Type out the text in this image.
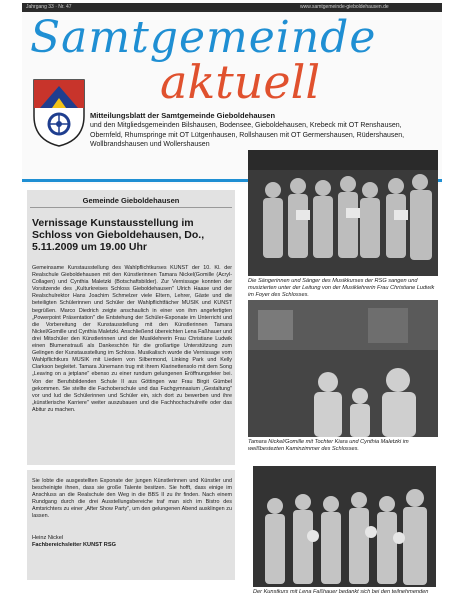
Jahrgang 33 · Nr. 47	www.samtgemeinde-gieboldehausen.de
Samtgemeinde
aktuell
Mitteilungsblatt der Samtgemeinde Gieboldehausen
und den Mitgliedsgemeinden Bilshausen, Bodensee, Gieboldehausen, Krebeck mit OT Renshausen, Obernfeld, Rhumspringe mit OT Lütgenhausen, Rollshausen mit OT Germershausen, Rüdershausen, Wollbrandshausen und Wollershausen
Gemeinde Gieboldehausen
Vernissage Kunstausstellung im Schloss von Gieboldehausen, Do., 5.11.2009 um 19.00 Uhr
Gemeinsame Kunstausstellung des Wahlpflichtkurses KUNST der 10. Kl. der Realschule Gieboldehausen mit den Künstlerinnen Tamara Nickel(Gomille (Acryl-Collagen) und Cynthia Maletzki (Botschaftsbilder). Zur Vernissage konnten der Vorsitzende des „Kulturkreises Schloss Gieboldehausen" Ulrich Haase und der Realschulrektor Hans Joachim Schmelzer viele Eltern, Lehrer, Gäste und die beteiligten Schülerinnen und Schüler der Wahlpflichtfächer MUSIK und KUNST begrüßen. Marco Diedrich zeigte anschaulich in einer von ihm angefertigten „Powerpoint Präsentation" die Entstehung der Schüler-Exponate im Unterricht und die Vorbereitung der Kunstausstellung mit den Künstlerinnen Tamara Nickel/Gomille und Cynthia Maletzki. Anschließend übereichten Lena Faßhauer und drei Mitschüler den Künstlerinnen und der Musiklehrerin Frau Christiane Ludwik einen Blumenstrauß als Dankeschön für die großartige Unterstützung zum Gelingen der Kunstausstellung im Schloss. Musikalisch wurde die Vernissage vom Wahlpflichtkurs MUSIK mit Liedern von Silbermond, Linking Park und Kelly Clarkson begleitet. Tamara Jünemann trug mit ihrem Klarinettensolo mit dem Song „Leaving on a jetplane" ebenso zu einer rundum gelungenen Eröffnungsfeier bei. Von der Berufsbildenden Schule II aus Göttingen war Frau Birgit Gümbel gekommen. Sie stellte die Fachoberschule und das Fachgymnasium „Gestaltung" vor und lud die Schülerinnen und Schüler ein, sich dort zu bewerben und ihre „künstlerische Karriere" weiter auszubauen und die Fachhochschulreife oder das Abitur zu machen.
Sie lobte die ausgestellten Exponate der jungen Künstlerinnen und Künstler und bescheinigte ihnen, dass sie große Talente besitzen. Sie hofft, dass einige im Anschluss an die Realschule den Weg in die BBS II zu ihr finden. Nach einem Rundgang durch die drei Ausstellungsbereiche traf man sich im Bistro des Amtsrichters zu einer „After Show Party", um den gelungenen Abend ausklingen zu lassen.
Heinz Nickel
Fachbereichsleiter KUNST RSG
Die Sängerinnen und Sänger des Musikkurses der RSG sangen und musizierten unter der Leitung von der Musiklehrerin Frau Christiane Ludwik im Foyer des Schlosses.
Tamara Nickel/Gomille mit Tochter Kiara und Cynthia Maletzki im weißbestezten Kaminzimmer des Schlosses.
Der Kunstkurs mit Lena Faßhauer bedankt sich bei den teilnehmenden
